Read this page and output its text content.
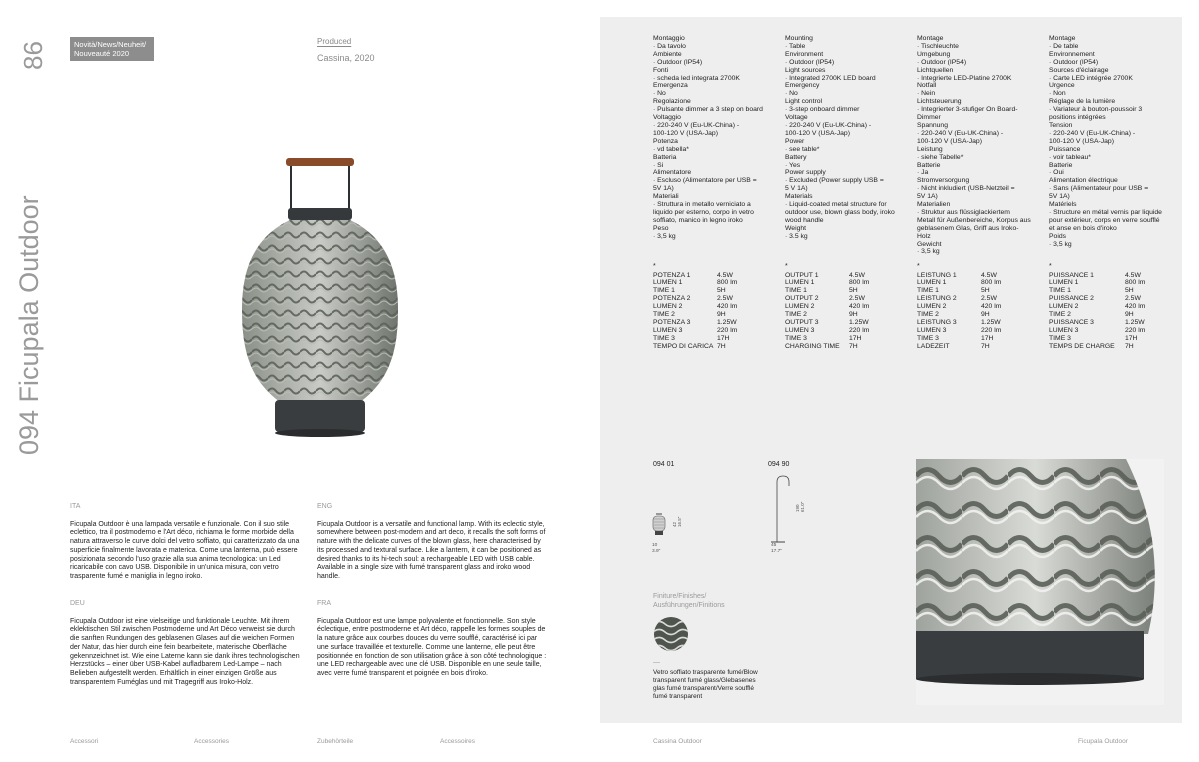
86
094 Ficupala Outdoor
Novità/News/Neuheit/
Nouveauté 2020
Produced
Cassina, 2020
ITA
Ficupala Outdoor è una lampada versatile e funzionale. Con il suo stile eclettico, tra il postmoderno e l'Art déco, richiama le forme morbide della natura attraverso le curve dolci del vetro soffiato, qui caratterizzato da una superficie finalmente lavorata e materica. Come una lanterna, può essere posizionata secondo l'uso grazie alla sua anima tecnologica: un Led ricaricabile con cavo USB. Disponibile in un'unica misura, con vetro trasparente fumé e maniglia in legno iroko.
ENG
Ficupala Outdoor is a versatile and functional lamp. With its eclectic style, somewhere between post-modern and art deco, it recalls the soft forms of nature with the delicate curves of the blown glass, here characterised by its processed and textural surface. Like a lantern, it can be positioned as desired thanks to its hi-tech soul: a rechargeable LED with USB cable. Available in a single size with fumé transparent glass and iroko wood handle.
DEU
Ficupala Outdoor ist eine vielseitige und funktionale Leuchte. Mit ihrem eklektischen Stil zwischen Postmoderne und Art Déco verweist sie durch die sanften Rundungen des geblasenen Glases auf die weichen Formen der Natur, das hier durch eine fein bearbeitete, materische Oberfläche gekennzeichnet ist. Wie eine Laterne kann sie dank ihres technologischen Herzstücks – einer über USB-Kabel aufladbarem Led-Lampe – nach Belieben aufgestellt werden. Erhältlich in einer einzigen Größe aus transparentem Fuméglas und mit Tragegriff aus Iroko-Holz.
FRA
Ficupala Outdoor est une lampe polyvalente et fonctionnelle. Son style éclectique, entre postmoderne et Art déco, rappelle les formes souples de la nature grâce aux courbes douces du verre soufflé, caractérisé ici par une surface travaillée et texturelle. Comme une lanterne, elle peut être positionnée en fonction de son utilisation grâce à son côté technologique : une LED rechargeable avec une clé USB. Disponible en une seule taille, avec verre fumé transparent et poignée en bois d'iroko.
Montaggio
· Da tavolo
Ambiente
· Outdoor (IP54)
Fonti
· scheda led integrata 2700K
Emergenza
· No
Regolazione
· Pulsante dimmer a 3 step on board
Voltaggio
· 220-240 V (Eu-UK-China) -
100-120 V (USA-Jap)
Potenza
· vd tabella*
Batteria
· Si
Alimentatore
· Escluso (Alimentatore per USB =
5V 1A)
Materiali
· Struttura in metallo verniciato a
liquido per esterno, corpo in vetro
soffiato, manico in legno iroko
Peso
· 3,5 kg
Mounting
· Table
Environment
· Outdoor (IP54)
Light sources
· Integrated 2700K LED board
Emergency
· No
Light control
· 3-step onboard dimmer
Voltage
· 220-240 V (Eu-UK-China) -
100-120 V (USA-Jap)
Power
· see table*
Battery
· Yes
Power supply
· Excluded (Power supply USB =
5 V 1A)
Materials
· Liquid-coated metal structure for
outdoor use, blown glass body, iroko
wood handle
Weight
· 3.5 kg
Montage
· Tischleuchte
Umgebung
· Outdoor (IP54)
Lichtquellen
· Integrierte LED-Platine 2700K
Notfall
· Nein
Lichtsteuerung
· Integrierter 3-stufiger On Board-
Dimmer
Spannung
· 220-240 V (Eu-UK-China) -
100-120 V (USA-Jap)
Leistung
· siehe Tabelle*
Batterie
· Ja
Stromversorgung
· Nicht inkludiert (USB-Netzteil =
5V 1A)
Materialien
· Struktur aus flüssiglackiertem
Metall für Außenbereiche, Korpus aus
geblasenem Glas, Griff aus Iroko-
Holz
Gewicht
· 3,5 kg
Montage
· De table
Environnement
· Outdoor (IP54)
Sources d'éclairage
· Carte LED intégrée 2700K
Urgence
· Non
Réglage de la lumière
· Variateur à bouton-poussoir 3
positions intégrées
Tension
· 220-240 V (Eu-UK-China) -
100-120 V (USA-Jap)
Puissance
· voir tableau*
Batterie
· Oui
Alimentation électrique
· Sans (Alimentateur pour USB =
5V 1A)
Matériels
· Structure en métal vernis par liquide
pour extérieur, corps en verre soufflé
et anse en bois d'iroko
Poids
· 3,5 kg
*
POTENZA 1	4.5W
LUMEN 1	800 lm
TIME 1	5H
POTENZA 2	2.5W
LUMEN 2	420 lm
TIME 2	9H
POTENZA 3	1.25W
LUMEN 3	220 lm
TIME 3	17H
TEMPO DI CARICA 7H
*
OUTPUT 1	4.5W
LUMEN 1	800 lm
TIME 1	5H
OUTPUT 2	2.5W
LUMEN 2	420 lm
TIME 2	9H
OUTPUT 3	1.25W
LUMEN 3	220 lm
TIME 3	17H
CHARGING TIME	7H
*
LEISTUNG 1	4.5W
LUMEN 1	800 lm
TIME 1	5H
LEISTUNG 2	2.5W
LUMEN 2	420 lm
TIME 2	9H
LEISTUNG 3	1.25W
LUMEN 3	220 lm
TIME 3	17H
LADEZEIT	7H
*
PUISSANCE 1	4.5W
LUMEN 1	800 lm
TIME 1	5H
PUISSANCE 2	2.5W
LUMEN 2	420 lm
TIME 2	9H
PUISSANCE 3	1.25W
LUMEN 3	220 lm
TIME 3	17H
TEMPS DE CHARGE	7H
094 01
42 16.5"
10
3.9"
094 90
190 61.0"
45
17.7"
Finiture/Finishes/
Ausführungen/Finitions
—
Vetro soffiato trasparente fumé/Blow
transparent fumé glass/Glebasenes
glas fumé transparent/Verre soufflé
fumé transparent
Accessori	Accessories	Zubehörteile	Accessoires	Cassina Outdoor	Ficupala Outdoor
